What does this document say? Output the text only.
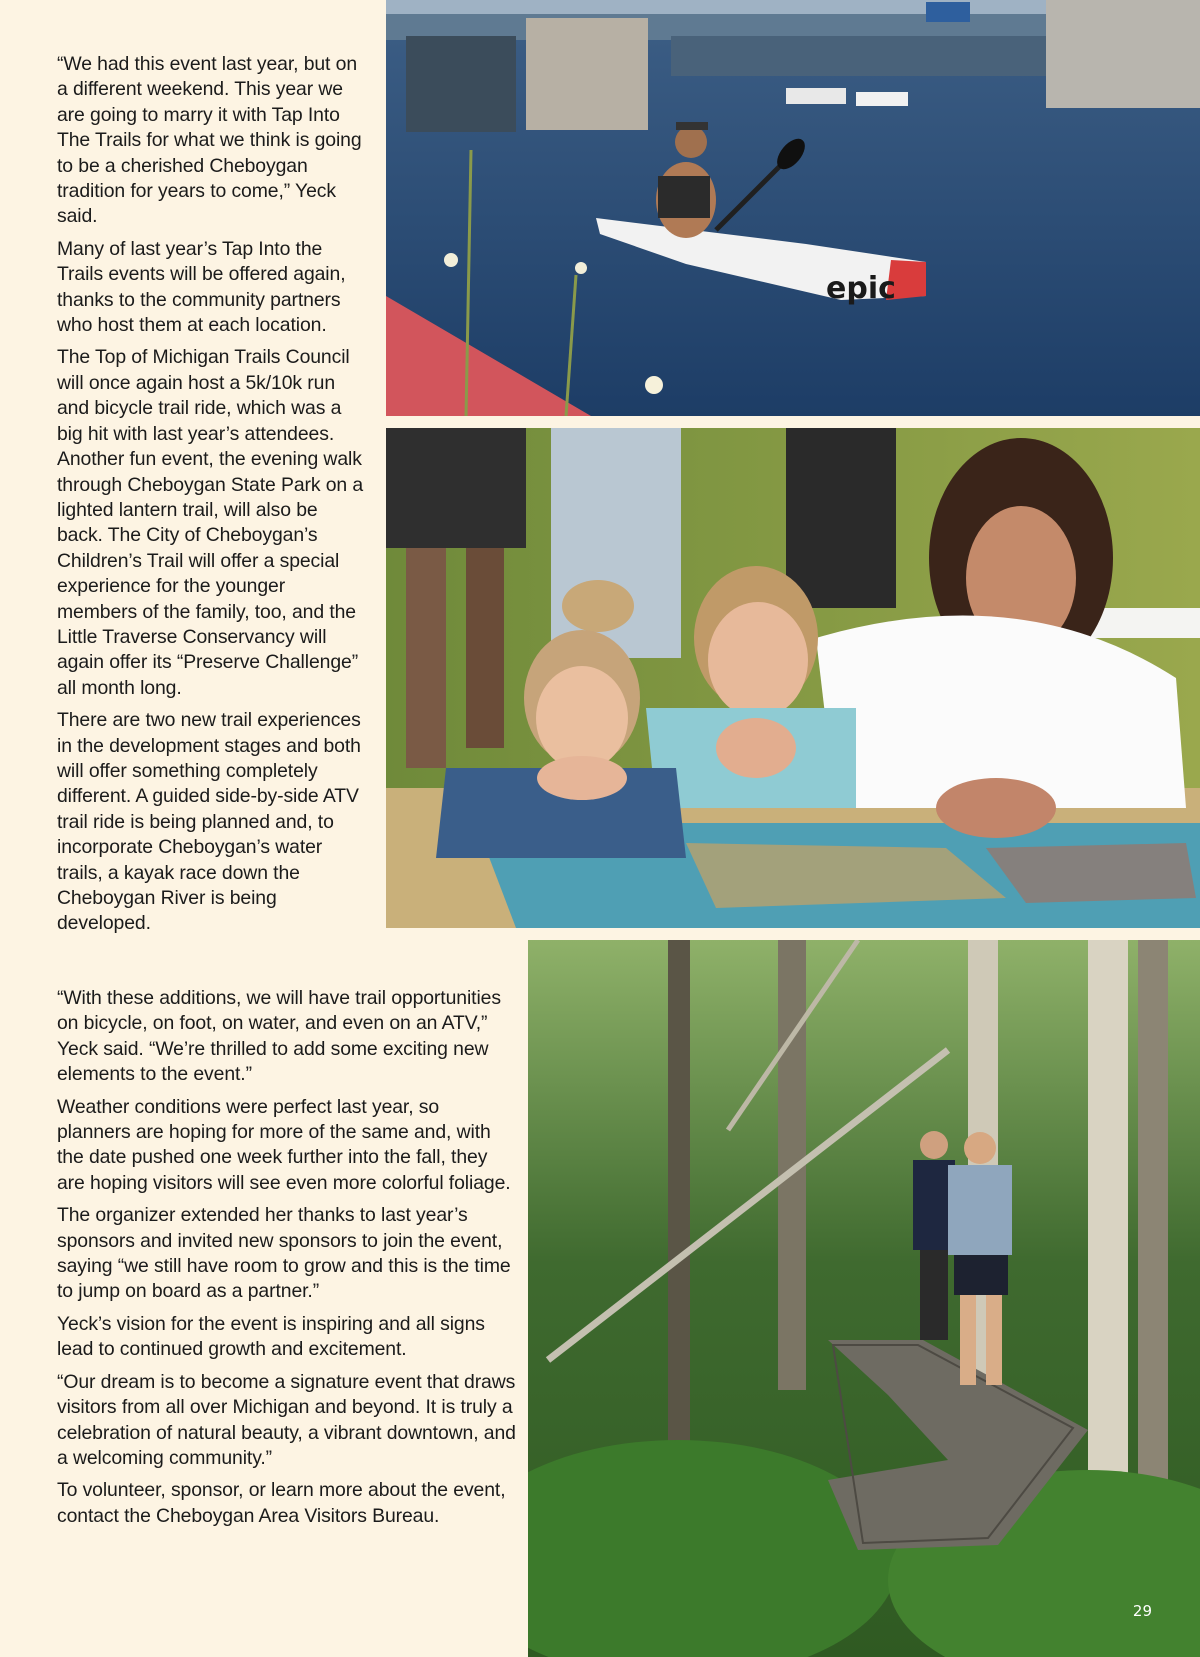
“We had this event last year, but on a different weekend. This year we are going to marry it with Tap Into The Trails for what we think is going to be a cherished Cheboygan tradition for years to come,” Yeck said.

Many of last year’s Tap Into the Trails events will be offered again, thanks to the community partners who host them at each location.

The Top of Michigan Trails Council will once again host a 5k/10k run and bicycle trail ride, which was a big hit with last year’s attendees. Another fun event, the evening walk through Cheboygan State Park on a lighted lantern trail, will also be back. The City of Cheboygan’s Children’s Trail will offer a special experience for the younger members of the family, too, and the Little Traverse Conservancy will again offer its “Preserve Challenge” all month long.

There are two new trail experiences in the development stages and both will offer something completely different. A guided side-by-side ATV trail ride is being planned and, to incorporate Cheboygan’s water trails, a kayak race down the Cheboygan River is being developed.

“With these additions, we will have trail opportunities on bicycle, on foot, on water, and even on an ATV,” Yeck said. “We’re thrilled to add some exciting new elements to the event.”

Weather conditions were perfect last year, so planners are hoping for more of the same and, with the date pushed one week further into the fall, they are hoping visitors will see even more colorful foliage.

The organizer extended her thanks to last year’s sponsors and invited new sponsors to join the event, saying “we still have room to grow and this is the time to jump on board as a partner.”

Yeck’s vision for the event is inspiring and all signs lead to continued growth and excitement.

“Our dream is to become a signature event that draws visitors from all over Michigan and beyond. It is truly a celebration of natural beauty, a vibrant downtown, and a welcoming community.”

To volunteer, sponsor, or learn more about the event, contact the Cheboygan Area Visitors Bureau.

epic
29
